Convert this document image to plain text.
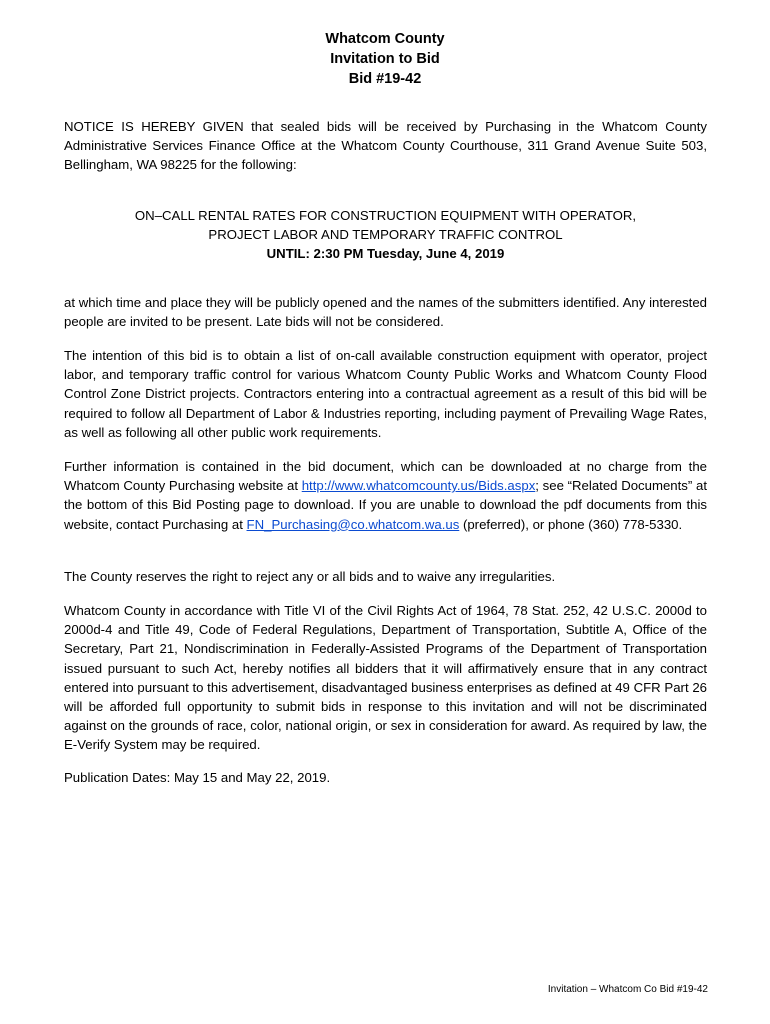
Whatcom County
Invitation to Bid
Bid #19-42
NOTICE IS HEREBY GIVEN that sealed bids will be received by Purchasing in the Whatcom County Administrative Services Finance Office at the Whatcom County Courthouse, 311 Grand Avenue Suite 503, Bellingham, WA 98225 for the following:
ON–CALL RENTAL RATES FOR CONSTRUCTION EQUIPMENT WITH OPERATOR,
PROJECT LABOR AND TEMPORARY TRAFFIC CONTROL
UNTIL: 2:30 PM Tuesday, June 4, 2019
at which time and place they will be publicly opened and the names of the submitters identified. Any interested people are invited to be present. Late bids will not be considered.
The intention of this bid is to obtain a list of on-call available construction equipment with operator, project labor, and temporary traffic control for various Whatcom County Public Works and Whatcom County Flood Control Zone District projects. Contractors entering into a contractual agreement as a result of this bid will be required to follow all Department of Labor & Industries reporting, including payment of Prevailing Wage Rates, as well as following all other public work requirements.
Further information is contained in the bid document, which can be downloaded at no charge from the Whatcom County Purchasing website at http://www.whatcomcounty.us/Bids.aspx; see “Related Documents” at the bottom of this Bid Posting page to download. If you are unable to download the pdf documents from this website, contact Purchasing at FN_Purchasing@co.whatcom.wa.us (preferred), or phone (360) 778-5330.
The County reserves the right to reject any or all bids and to waive any irregularities.
Whatcom County in accordance with Title VI of the Civil Rights Act of 1964, 78 Stat. 252, 42 U.S.C. 2000d to 2000d-4 and Title 49, Code of Federal Regulations, Department of Transportation, Subtitle A, Office of the Secretary, Part 21, Nondiscrimination in Federally-Assisted Programs of the Department of Transportation issued pursuant to such Act, hereby notifies all bidders that it will affirmatively ensure that in any contract entered into pursuant to this advertisement, disadvantaged business enterprises as defined at 49 CFR Part 26 will be afforded full opportunity to submit bids in response to this invitation and will not be discriminated against on the grounds of race, color, national origin, or sex in consideration for award. As required by law, the E-Verify System may be required.
Publication Dates: May 15 and May 22, 2019.
Invitation – Whatcom Co Bid #19-42
